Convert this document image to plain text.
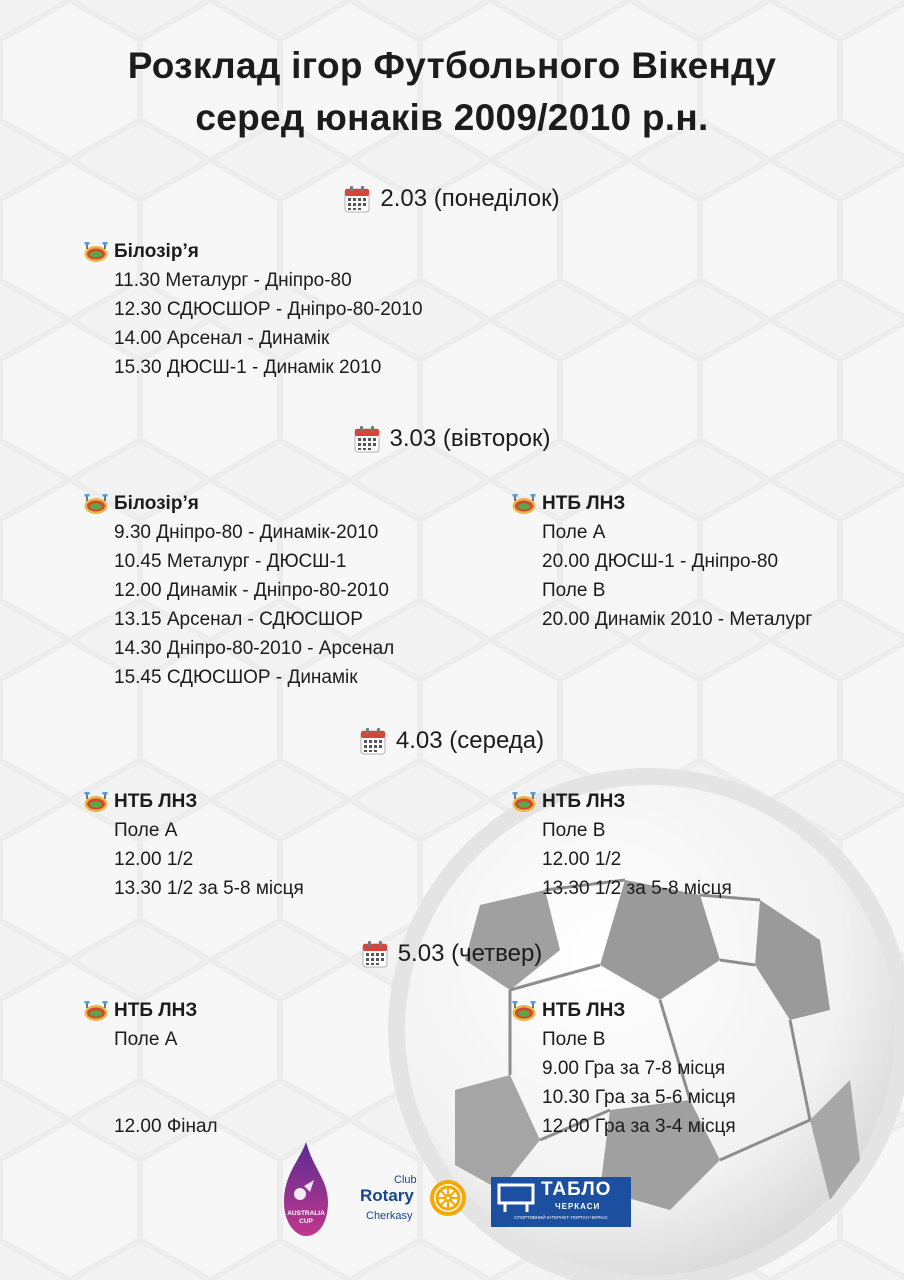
Розклад ігор Футбольного Вікенду
серед юнаків 2009/2010 р.н.
2.03 (понеділок)
Білозір’я
11.30 Металург - Дніпро-80
12.30 СДЮСШОР - Дніпро-80-2010
14.00 Арсенал - Динамік
15.30 ДЮСШ-1 - Динамік 2010
3.03 (вівторок)
Білозір’я
9.30 Дніпро-80 - Динамік-2010
10.45 Металург - ДЮСШ-1
12.00 Динамік - Дніпро-80-2010
13.15 Арсенал - СДЮСШОР
14.30 Дніпро-80-2010 - Арсенал
15.45 СДЮСШОР - Динамік
НТБ ЛНЗ
Поле А
20.00 ДЮСШ-1 - Дніпро-80
Поле В
20.00 Динамік 2010 - Металург
4.03 (середа)
НТБ ЛНЗ
Поле А
12.00 1/2
13.30 1/2 за 5-8 місця
НТБ ЛНЗ
Поле В
12.00 1/2
13.30 1/2 за 5-8 місця
5.03 (четвер)
НТБ ЛНЗ
Поле А

12.00 Фінал
НТБ ЛНЗ
Поле В
9.00 Гра за 7-8 місця
10.30 Гра за 5-6 місця
12.00 Гра за 3-4 місця
AUSTRALIA
CUP
Club
Rotary
Cherkasy
ТАБЛО
ЧЕРКАСИ
СПОРТИВНИЙ ІНТЕРНЕТ-ПОРТАЛ ЧЕРКАС
